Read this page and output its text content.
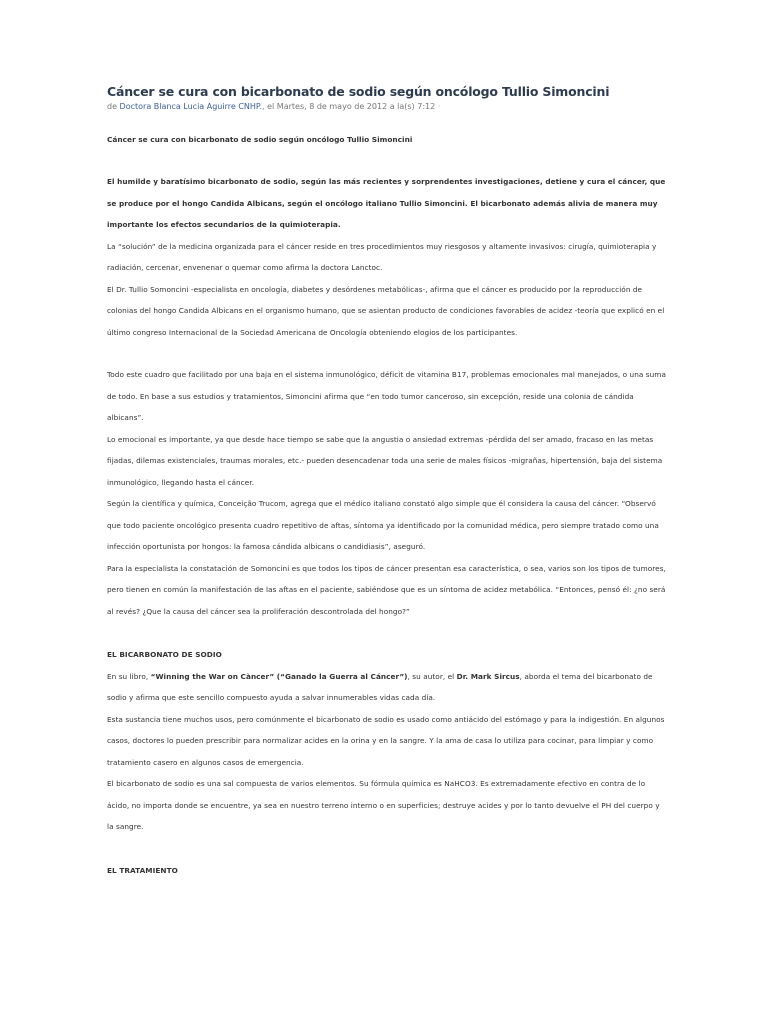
Cáncer se cura con bicarbonato de sodio según oncólogo Tullio Simoncini
de Doctora Blanca Lucia Aguirre CNHP., el Martes, 8 de mayo de 2012 a la(s) 7:12 ·

Cáncer se cura con bicarbonato de sodio según oncólogo Tullio Simoncini

El humilde y baratísimo bicarbonato de sodio, según las más recientes y sorprendentes investigaciones, detiene y cura el cáncer, que se produce por el hongo Candida Albicans, según el oncólogo italiano Tullio Simoncini. El bicarbonato además alivia de manera muy importante los efectos secundarios de la quimioterapia.

La “solución” de la medicina organizada para el cáncer reside en tres procedimientos muy riesgosos y altamente invasivos: cirugía, quimioterapia y radiación, cercenar, envenenar o quemar como afirma la doctora Lanctoc.

El Dr. Tullio Somoncini -especialista en oncología, diabetes y desórdenes metabólicas-, afirma que el cáncer es producido por la reproducción de colonias del hongo Candida Albicans en el organismo humano, que se asientan producto de condiciones favorables de acidez -teoría que explicó en el último congreso Internacional de la Sociedad Americana de Oncología obteniendo elogios de los participantes.

Todo este cuadro que facilitado por una baja en el sistema inmunológico, déficit de vitamina B17, problemas emocionales mal manejados, o una suma de todo. En base a sus estudios y tratamientos, Simoncini afirma que “en todo tumor canceroso, sin excepción, reside una colonia de cándida albicans”.

Lo emocional es importante, ya que desde hace tiempo se sabe que la angustia o ansiedad extremas -pérdida del ser amado, fracaso en las metas fijadas, dilemas existenciales, traumas morales, etc.- pueden desencadenar toda una serie de males físicos -migrañas, hipertensión, baja del sistema inmunológico, llegando hasta el cáncer.

Según la científica y química, Conceição Trucom, agrega que el médico italiano constató algo simple que él considera la causa del cáncer. “Observó que todo paciente oncológico presenta cuadro repetitivo de aftas, síntoma ya identificado por la comunidad médica, pero siempre tratado como una infección oportunista por hongos: la famosa cándida albicans o candidiasis”, aseguró.

Para la especialista la constatación de Somoncini es que todos los tipos de cáncer presentan esa característica, o sea, varios son los tipos de tumores, pero tienen en común la manifestación de las aftas en el paciente, sabiéndose que es un síntoma de acidez metabólica. “Entonces, pensó él: ¿no será al revés? ¿Que la causa del cáncer sea la proliferación descontrolada del hongo?”

EL BICARBONATO DE SODIO

En su libro, “Winning the War on Càncer” (“Ganado la Guerra al Cáncer”), su autor, el Dr. Mark Sircus, aborda el tema del bicarbonato de sodio y afirma que este sencillo compuesto ayuda a salvar innumerables vidas cada día.

Esta sustancia tiene muchos usos, pero comúnmente el bicarbonato de sodio es usado como antiácido del estómago y para la indigestión. En algunos casos, doctores lo pueden prescribir para normalizar acides en la orina y en la sangre. Y la ama de casa lo utiliza para cocinar, para limpiar y como tratamiento casero en algunos casos de emergencia.

El bicarbonato de sodio es una sal compuesta de varios elementos. Su fórmula química es NaHCO3. Es extremadamente efectivo en contra de lo ácido, no importa donde se encuentre, ya sea en nuestro terreno interno o en superficies; destruye acides y por lo tanto devuelve el PH del cuerpo y la sangre.

EL TRATAMIENTO
